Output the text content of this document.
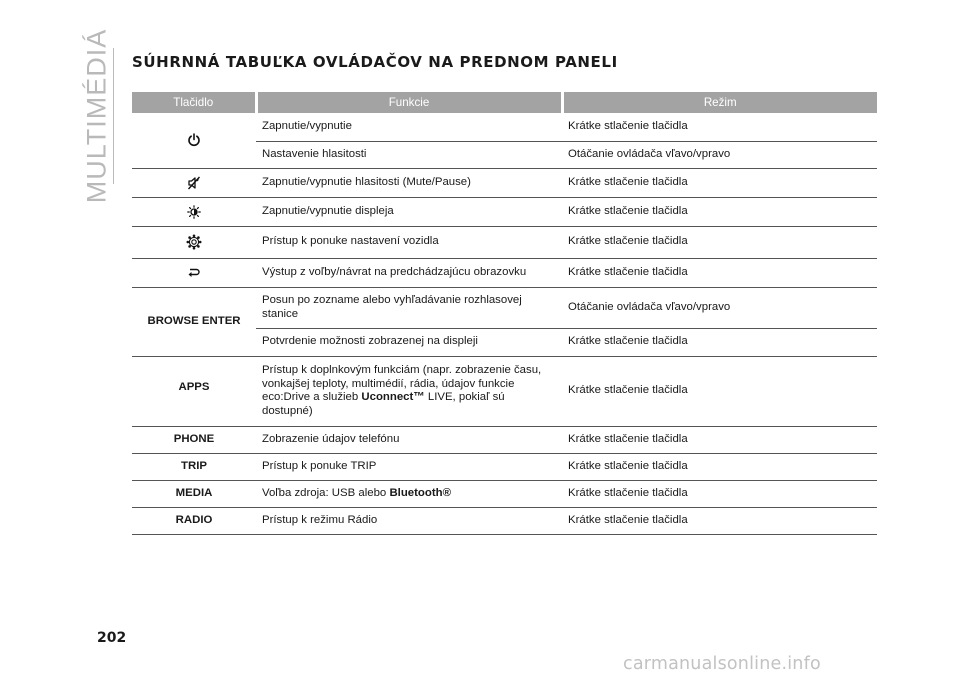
MULTIMÉDIÁ SÚHRNNÁ TABUĽKA OVLÁDAČOV NA PREDNOM PANELI
Tlačidlo	Funkcie	Režim

	Zapnutie/vypnutie	Krátke stlačenie tlačidla
	Nastavenie hlasitosti	Otáčanie ovládača vľavo/vpravo

	Zapnutie/vypnutie hlasitosti (Mute/Pause)	Krátke stlačenie tlačidla

	Zapnutie/vypnutie displeja	Krátke stlačenie tlačidla

	Prístup k ponuke nastavení vozidla	Krátke stlačenie tlačidla

	Výstup z voľby/návrat na predchádzajúcu obrazovku	Krátke stlačenie tlačidla
BROWSE ENTER	Posun po zozname alebo vyhľadávanie rozhlasovej stanice	Otáčanie ovládača vľavo/vpravo
	Potvrdenie možnosti zobrazenej na displeji	Krátke stlačenie tlačidla
APPS	Prístup k doplnkovým funkciám (napr. zobrazenie času, vonkajšej teploty, multimédií, rádia, údajov funkcie eco:Drive a služieb Uconnect™ LIVE, pokiaľ sú dostupné)	Krátke stlačenie tlačidla
PHONE	Zobrazenie údajov telefónu	Krátke stlačenie tlačidla
TRIP	Prístup k ponuke TRIP	Krátke stlačenie tlačidla
MEDIA	Voľba zdroja: USB alebo Bluetooth®	Krátke stlačenie tlačidla
RADIO	Prístup k režimu Rádio	Krátke stlačenie tlačidla
202
carmanualsonline.info
